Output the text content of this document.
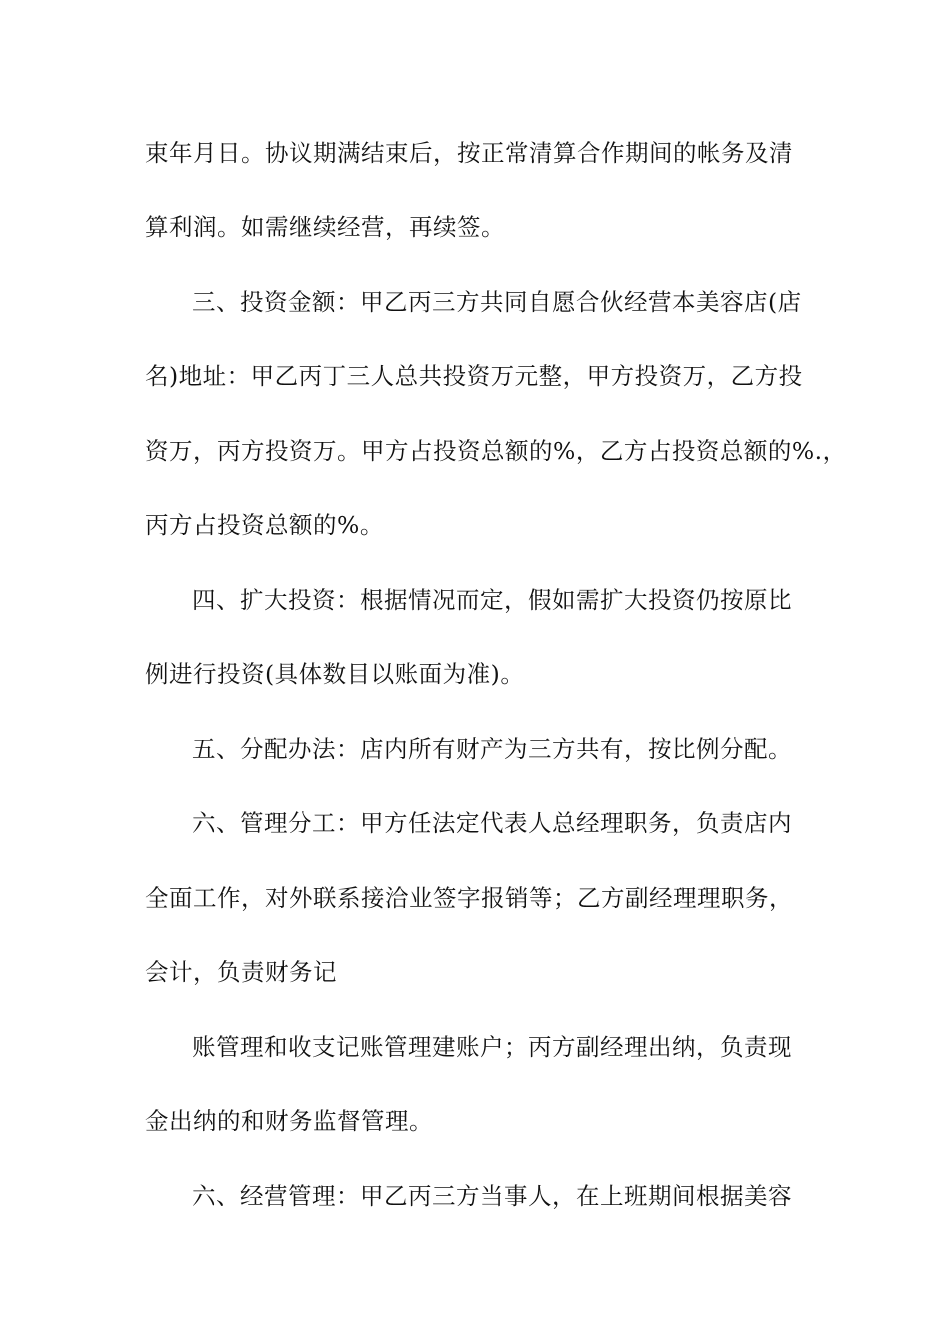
束年月日。协议期满结束后，按正常清算合作期间的帐务及清

算利润。如需继续经营，再续签。

三、投资金额：甲乙丙三方共同自愿合伙经营本美容店(店

名)地址：甲乙丙丁三人总共投资万元整，甲方投资万，乙方投

资万，丙方投资万。甲方占投资总额的%，乙方占投资总额的%.，

丙方占投资总额的%。

四、扩大投资：根据情况而定，假如需扩大投资仍按原比

例进行投资(具体数目以账面为准)。

五、分配办法：店内所有财产为三方共有，按比例分配。

六、管理分工：甲方任法定代表人总经理职务，负责店内

全面工作，对外联系接洽业签字报销等；乙方副经理理职务，

会计，负责财务记

账管理和收支记账管理建账户；丙方副经理出纳，负责现

金出纳的和财务监督管理。

六、经营管理：甲乙丙三方当事人，在上班期间根据美容
